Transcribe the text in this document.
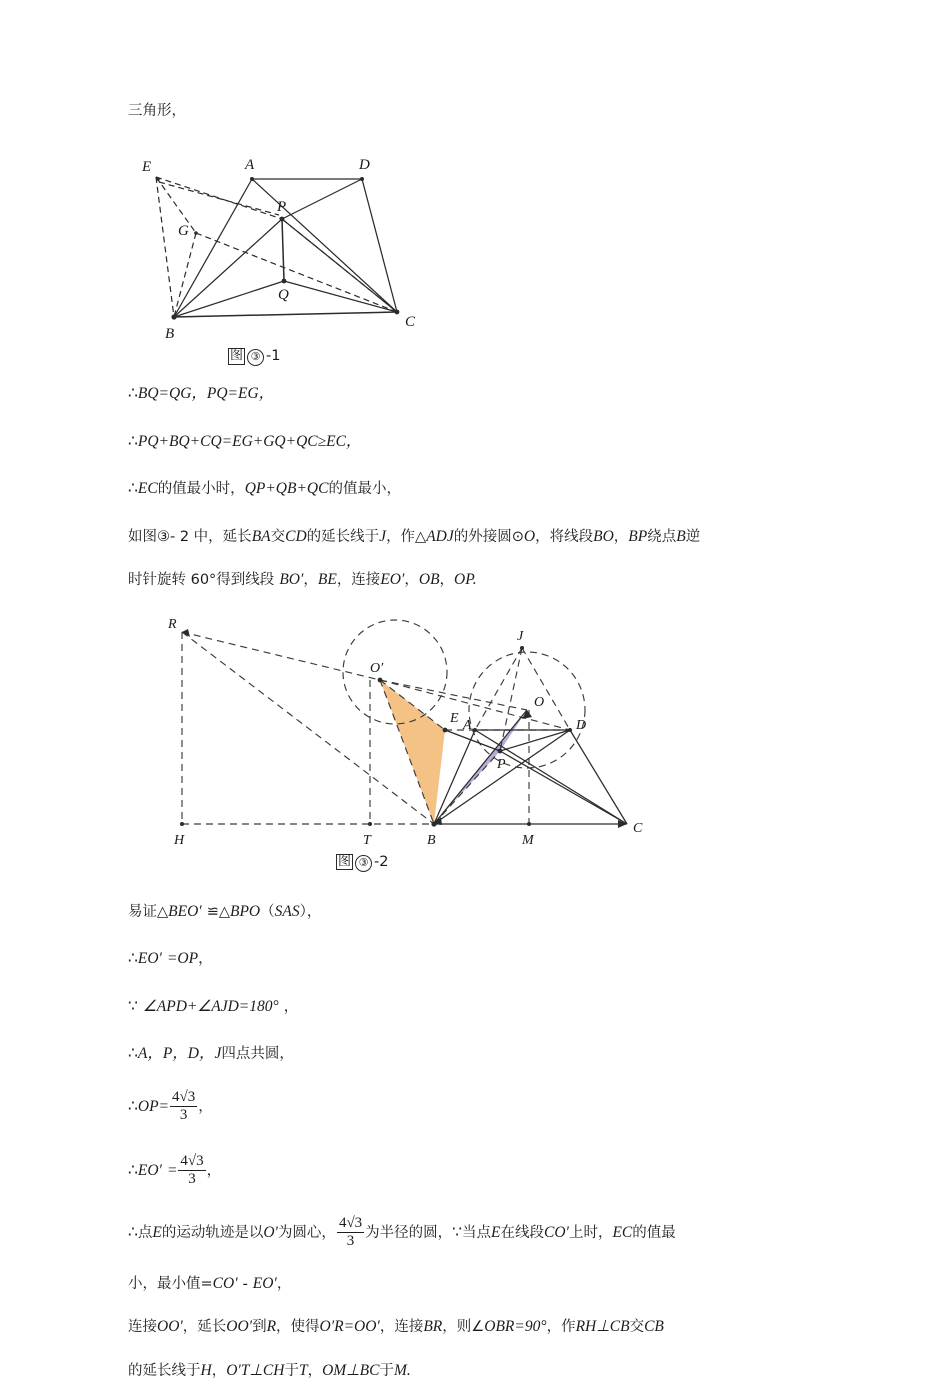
三角形，
E	A	D
G
P
Q
B
C
图 ③ -1
∴BQ=QG，PQ=EG，
∴PQ+BQ+CQ=EG+GQ+QC≥EC，
∴EC的值最小时，QP+QB+QC的值最小，
如图③- 2 中，延长BA交CD的延长线于J，作△ADJ的外接圆⊙O，将线段BO，BP绕点B逆
时针旋转 60°得到线段 BO′，BE，连接EO′，OB，OP.
R
O′
J
O
E A	D
P
H	T	B	M
C
图 ③ -2
易证△BEO′ ≌△BPO（SAS），
∴EO′ =OP，
∵ ∠APD+∠AJD=180° ，
∴A，P，D，J四点共圆，
∴OP= $\frac{4√3}{3}$ ，
∴EO′ = $\frac{4√3}{3}$ ，
∴点E的运动轨迹是以O′为圆心， $\frac{4√3}{3}$ 为半径的圆，∵当点E在线段CO′上时，EC的值最
小，最小值=CO′ - EO′，
连接OO′，延长OO′到R，使得O′R=OO′，连接BR，则∠OBR=90°，作RH⊥CB交CB
的延长线于H，O′T⊥CH于T，OM⊥BC于M.
